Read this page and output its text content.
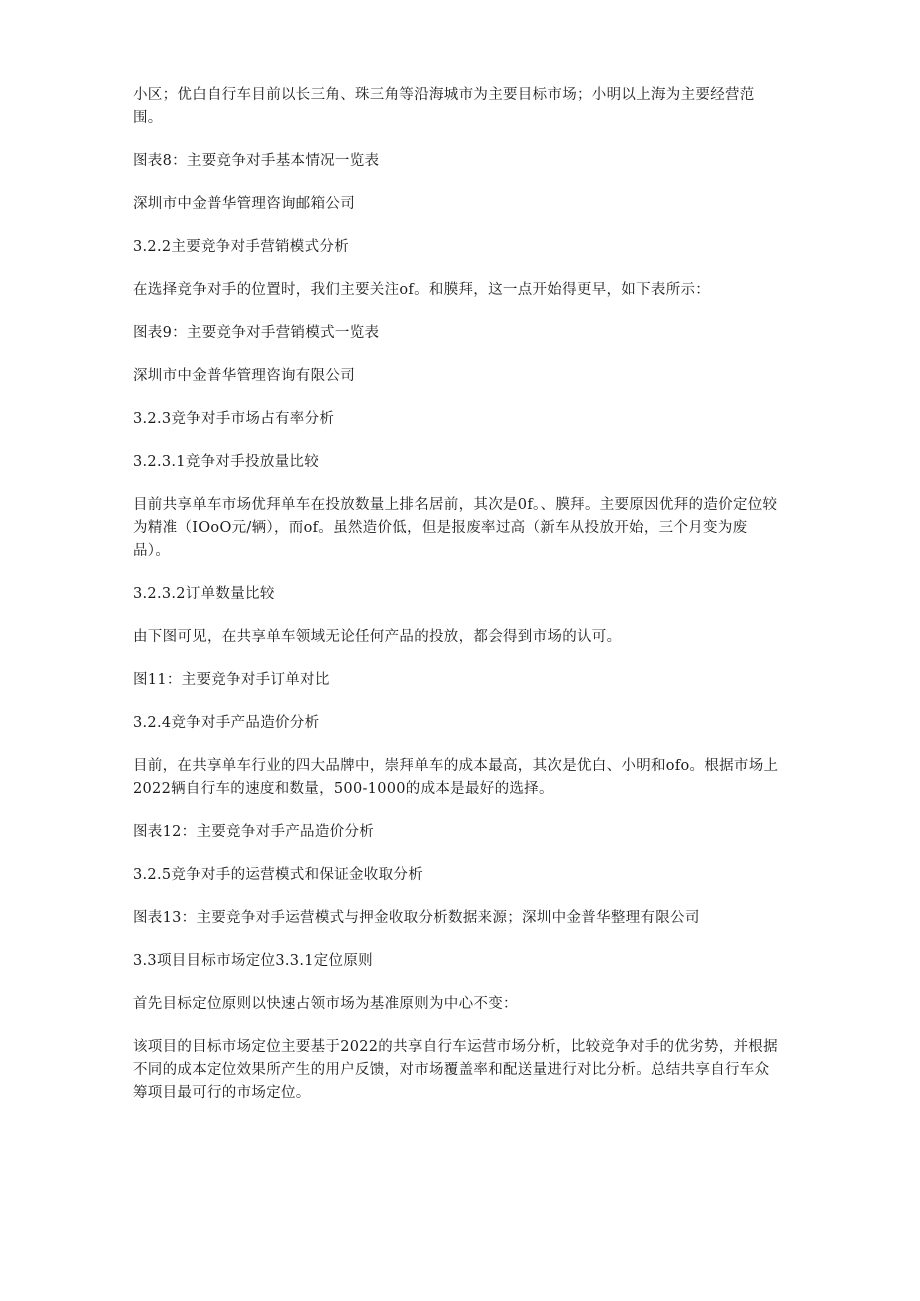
小区；优白自行车目前以长三角、珠三角等沿海城市为主要目标市场；小明以上海为主要经营范围。

图表8：主要竞争对手基本情况一览表

深圳市中金普华管理咨询邮箱公司

3.2.2主要竞争对手营销模式分析

在选择竞争对手的位置时，我们主要关注of。和膜拜，这一点开始得更早，如下表所示：

图表9：主要竞争对手营销模式一览表

深圳市中金普华管理咨询有限公司

3.2.3竞争对手市场占有率分析

3.2.3.1竞争对手投放量比较

目前共享单车市场优拜单车在投放数量上排名居前，其次是0f。、膜拜。主要原因优拜的造价定位较为精准（IOoO元/辆），而of。虽然造价低，但是报废率过高（新车从投放开始，三个月变为废品）。

3.2.3.2订单数量比较

由下图可见，在共享单车领域无论任何产品的投放，都会得到市场的认可。

图11：主要竞争对手订单对比

3.2.4竞争对手产品造价分析

目前，在共享单车行业的四大品牌中，崇拜单车的成本最高，其次是优白、小明和ofo。根据市场上2022辆自行车的速度和数量，500-1000的成本是最好的选择。

图表12：主要竞争对手产品造价分析

3.2.5竞争对手的运营模式和保证金收取分析

图表13：主要竞争对手运营模式与押金收取分析数据来源；深圳中金普华整理有限公司

3.3项目目标市场定位3.3.1定位原则

首先目标定位原则以快速占领市场为基准原则为中心不变：

该项目的目标市场定位主要基于2022的共享自行车运营市场分析，比较竞争对手的优劣势，并根据不同的成本定位效果所产生的用户反馈，对市场覆盖率和配送量进行对比分析。总结共享自行车众筹项目最可行的市场定位。
